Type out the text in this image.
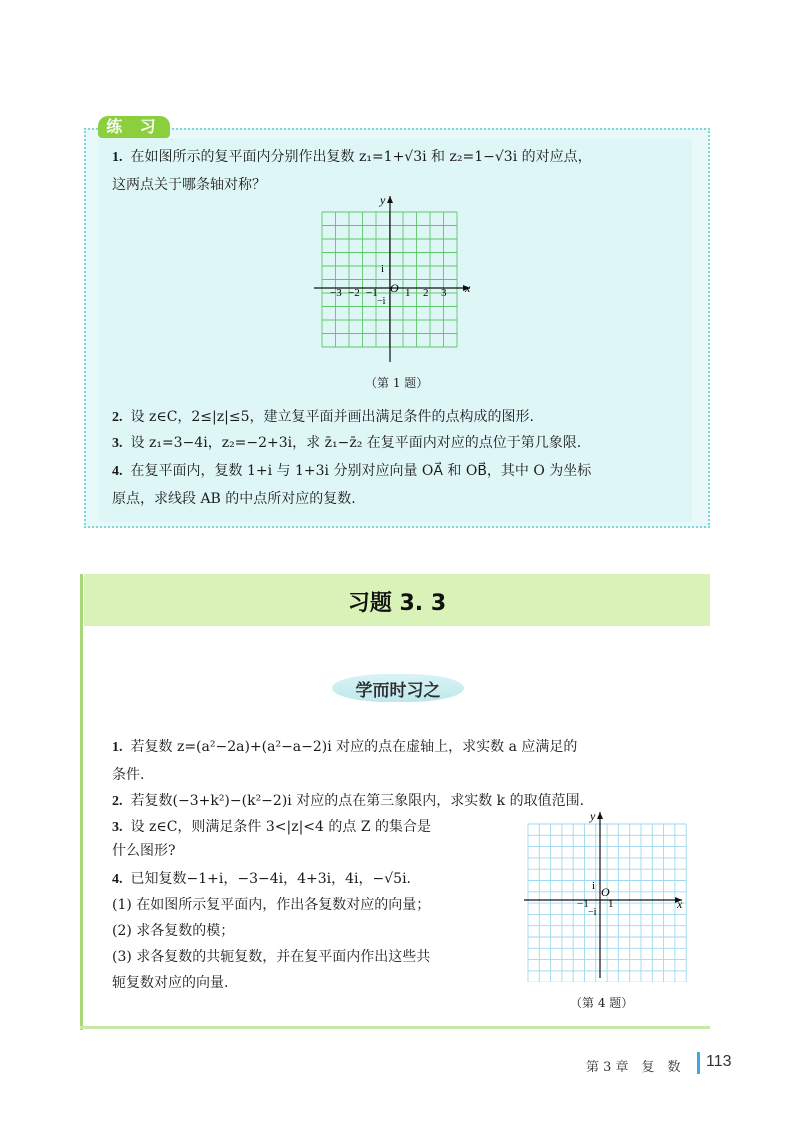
练 习
1. 在如图所示的复平面内分别作出复数 z₁=1+√3i 和 z₂=1−√3i 的对应点，
这两点关于哪条轴对称？
y
x
i
−i
O
−3 −2 −1 1 2 3
（第 1 题）
2. 设 z∈C，2≤|z|≤5，建立复平面并画出满足条件的点构成的图形.
3. 设 z₁=3−4i，z₂=−2+3i，求 z̄₁−z̄₂ 在复平面内对应的点位于第几象限.
4. 在复平面内，复数 1+i 与 1+3i 分别对应向量 OA⃗ 和 OB⃗，其中 O 为坐标
原点，求线段 AB 的中点所对应的复数.
习题 3. 3
学而时习之
1. 若复数 z=(a²−2a)+(a²−a−2)i 对应的点在虚轴上，求实数 a 应满足的
条件.
2. 若复数(−3+k²)−(k²−2)i 对应的点在第三象限内，求实数 k 的取值范围.
3. 设 z∈C，则满足条件 3<|z|<4 的点 Z 的集合是
什么图形?
4. 已知复数−1+i，−3−4i，4+3i，4i，−√5i.
(1) 在如图所示复平面内，作出各复数对应的向量；
(2) 求各复数的模；
(3) 求各复数的共轭复数，并在复平面内作出这些共
轭复数对应的向量.
y
x
i
−i
O
−1 1
（第 4 题）
第 3 章　复　数 113
